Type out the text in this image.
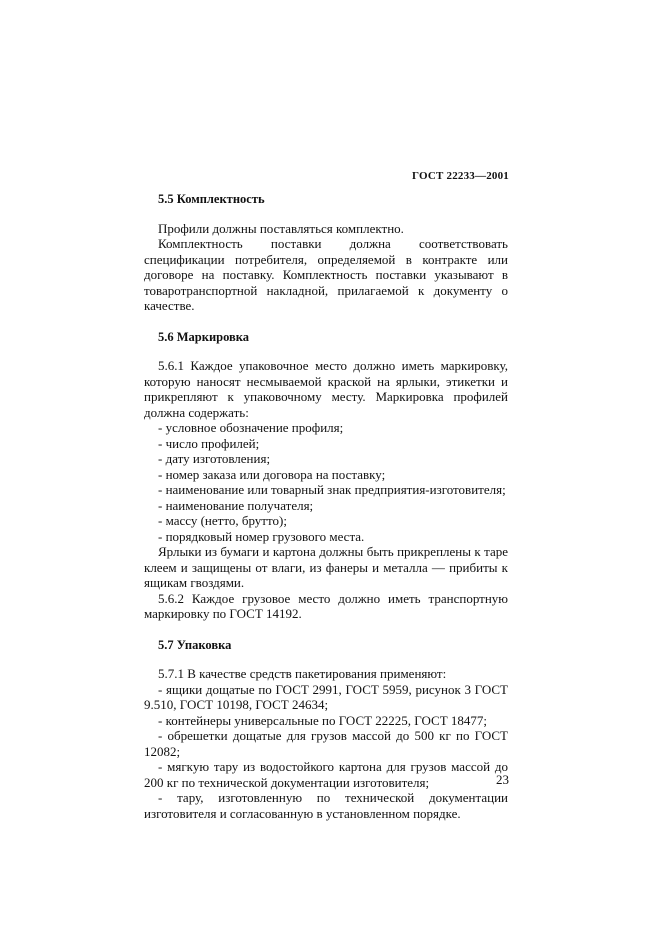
ГОСТ 22233—2001
5.5 Комплектность

Профили должны поставляться комплектно.

Комплектность поставки должна соответствовать спецификации потребителя, определяемой в контракте или договоре на поставку. Комплектность поставки указывают в товаротранспортной накладной, прилагаемой к документу о качестве.

5.6 Маркировка

5.6.1 Каждое упаковочное место должно иметь маркировку, которую наносят несмываемой краской на ярлыки, этикетки и прикрепляют к упаковочному месту. Маркировка профилей должна содержать:

- условное обозначение профиля;
- число профилей;
- дату изготовления;
- номер заказа или договора на поставку;
- наименование или товарный знак предприятия-изготовителя;
- наименование получателя;
- массу (нетто, брутто);
- порядковый номер грузового места.

Ярлыки из бумаги и картона должны быть прикреплены к таре клеем и защищены от влаги, из фанеры и металла — прибиты к ящикам гвоздями.

5.6.2 Каждое грузовое место должно иметь транспортную маркировку по ГОСТ 14192.

5.7 Упаковка

5.7.1 В качестве средств пакетирования применяют:

- ящики дощатые по ГОСТ 2991, ГОСТ 5959, рисунок 3 ГОСТ 9.510, ГОСТ 10198, ГОСТ 24634;
- контейнеры универсальные по ГОСТ 22225, ГОСТ 18477;
- обрешетки дощатые для грузов массой до 500 кг по ГОСТ 12082;
- мягкую тару из водостойкого картона для грузов массой до 200 кг по технической документации изготовителя;
- тару, изготовленную по технической документации изготовителя и согласованную в установленном порядке.
23
